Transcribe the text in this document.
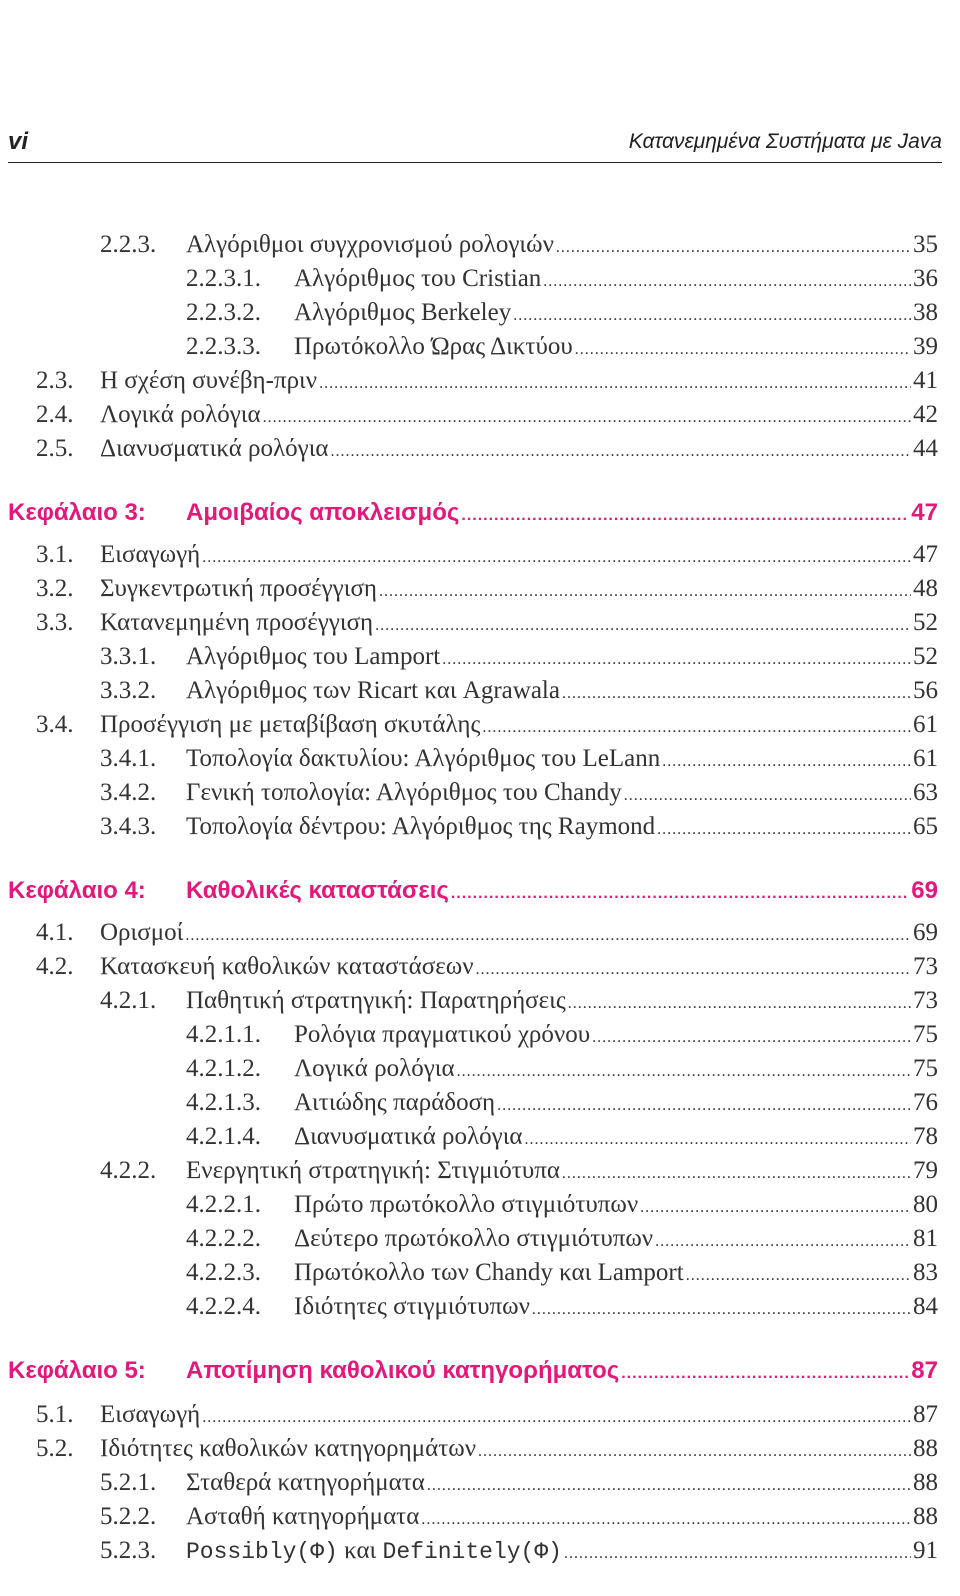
vi	Κατανεμημένα Συστήματα με Java
2.2.3.	Αλγόριθμοι συγχρονισμού ρολογιών .....	35
2.2.3.1.	Αλγόριθμος του Cristian .....	36
2.2.3.2.	Αλγόριθμος Berkeley .....	38
2.2.3.3.	Πρωτόκολλο Ώρας Δικτύου .....	39
2.3.	Η σχέση συνέβη-πριν .....	41
2.4.	Λογικά ρολόγια .....	42
2.5.	Διανυσματικά ρολόγια .....	44
Κεφάλαιο 3:	Αμοιβαίος αποκλεισμός .....	47
3.1.	Εισαγωγή .....	47
3.2.	Συγκεντρωτική προσέγγιση .....	48
3.3.	Κατανεμημένη προσέγγιση .....	52
3.3.1.	Αλγόριθμος του Lamport .....	52
3.3.2.	Αλγόριθμος των Ricart και Agrawala .....	56
3.4.	Προσέγγιση με μεταβίβαση σκυτάλης .....	61
3.4.1.	Τοπολογία δακτυλίου: Αλγόριθμος του LeLann .....	61
3.4.2.	Γενική τοπολογία: Αλγόριθμος του Chandy .....	63
3.4.3.	Τοπολογία δέντρου: Αλγόριθμος της Raymond .....	65
Κεφάλαιο 4:	Καθολικές καταστάσεις .....	69
4.1.	Ορισμοί .....	69
4.2.	Κατασκευή καθολικών καταστάσεων .....	73
4.2.1.	Παθητική στρατηγική: Παρατηρήσεις .....	73
4.2.1.1.	Ρολόγια πραγματικού χρόνου .....	75
4.2.1.2.	Λογικά ρολόγια .....	75
4.2.1.3.	Αιτιώδης παράδοση .....	76
4.2.1.4.	Διανυσματικά ρολόγια .....	78
4.2.2.	Ενεργητική στρατηγική: Στιγμιότυπα .....	79
4.2.2.1.	Πρώτο πρωτόκολλο στιγμιότυπων .....	80
4.2.2.2.	Δεύτερο πρωτόκολλο στιγμιότυπων .....	81
4.2.2.3.	Πρωτόκολλο των Chandy και Lamport .....	83
4.2.2.4.	Ιδιότητες στιγμιότυπων .....	84
Κεφάλαιο 5:	Αποτίμηση καθολικού κατηγορήματος .....	87
5.1.	Εισαγωγή .....	87
5.2.	Ιδιότητες καθολικών κατηγορημάτων .....	88
5.2.1.	Σταθερά κατηγορήματα .....	88
5.2.2.	Ασταθή κατηγορήματα .....	88
5.2.3.	Possibly(Φ) και Definitely(Φ) .....	91
